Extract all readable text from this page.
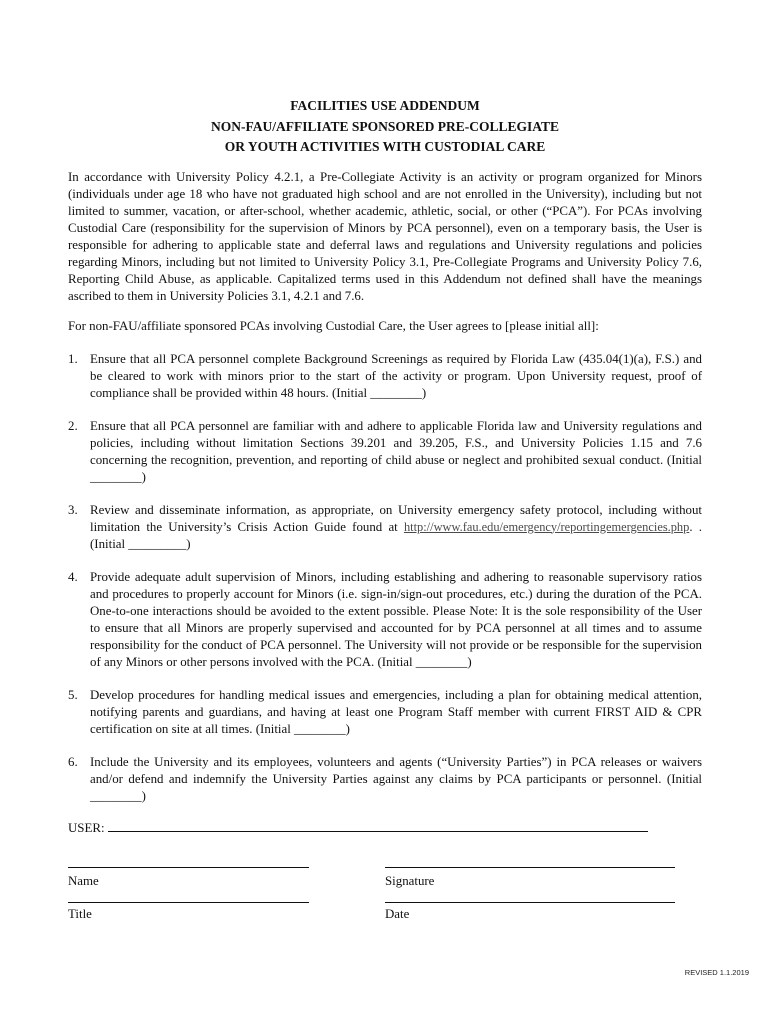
FACILITIES USE ADDENDUM

NON-FAU/AFFILIATE SPONSORED PRE-COLLEGIATE

OR YOUTH ACTIVITIES WITH CUSTODIAL CARE

In accordance with University Policy 4.2.1, a Pre-Collegiate Activity is an activity or program organized for Minors (individuals under age 18 who have not graduated high school and are not enrolled in the University), including but not limited to summer, vacation, or after-school, whether academic, athletic, social, or other (“PCA”). For PCAs involving Custodial Care (responsibility for the supervision of Minors by PCA personnel), even on a temporary basis, the User is responsible for adhering to applicable state and deferral laws and regulations and University regulations and policies regarding Minors, including but not limited to University Policy 3.1, Pre-Collegiate Programs and University Policy 7.6, Reporting Child Abuse, as applicable. Capitalized terms used in this Addendum not defined shall have the meanings ascribed to them in University Policies 3.1, 4.2.1 and 7.6.

For non-FAU/affiliate sponsored PCAs involving Custodial Care, the User agrees to [please initial all]:

1. Ensure that all PCA personnel complete Background Screenings as required by Florida Law (435.04(1)(a), F.S.) and be cleared to work with minors prior to the start of the activity or program. Upon University request, proof of compliance shall be provided within 48 hours. (Initial ________)
2. Ensure that all PCA personnel are familiar with and adhere to applicable Florida law and University regulations and policies, including without limitation Sections 39.201 and 39.205, F.S., and University Policies 1.15 and 7.6 concerning the recognition, prevention, and reporting of child abuse or neglect and prohibited sexual conduct. (Initial ________)
3. Review and disseminate information, as appropriate, on University emergency safety protocol, including without limitation the University’s Crisis Action Guide found at http://www.fau.edu/emergency/reportingemergencies.php. . (Initial _________)
4. Provide adequate adult supervision of Minors, including establishing and adhering to reasonable supervisory ratios and procedures to properly account for Minors (i.e. sign-in/sign-out procedures, etc.) during the duration of the PCA. One-to-one interactions should be avoided to the extent possible. Please Note: It is the sole responsibility of the User to ensure that all Minors are properly supervised and accounted for by PCA personnel at all times and to assume responsibility for the conduct of PCA personnel. The University will not provide or be responsible for the supervision of any Minors or other persons involved with the PCA. (Initial ________)
5. Develop procedures for handling medical issues and emergencies, including a plan for obtaining medical attention, notifying parents and guardians, and having at least one Program Staff member with current FIRST AID & CPR certification on site at all times. (Initial ________)
6. Include the University and its employees, volunteers and agents (“University Parties”) in PCA releases or waivers and/or defend and indemnify the University Parties against any claims by PCA participants or personnel. (Initial ________)
USER:
Name	Signature
Title	Date
REVISED 1.1.2019
